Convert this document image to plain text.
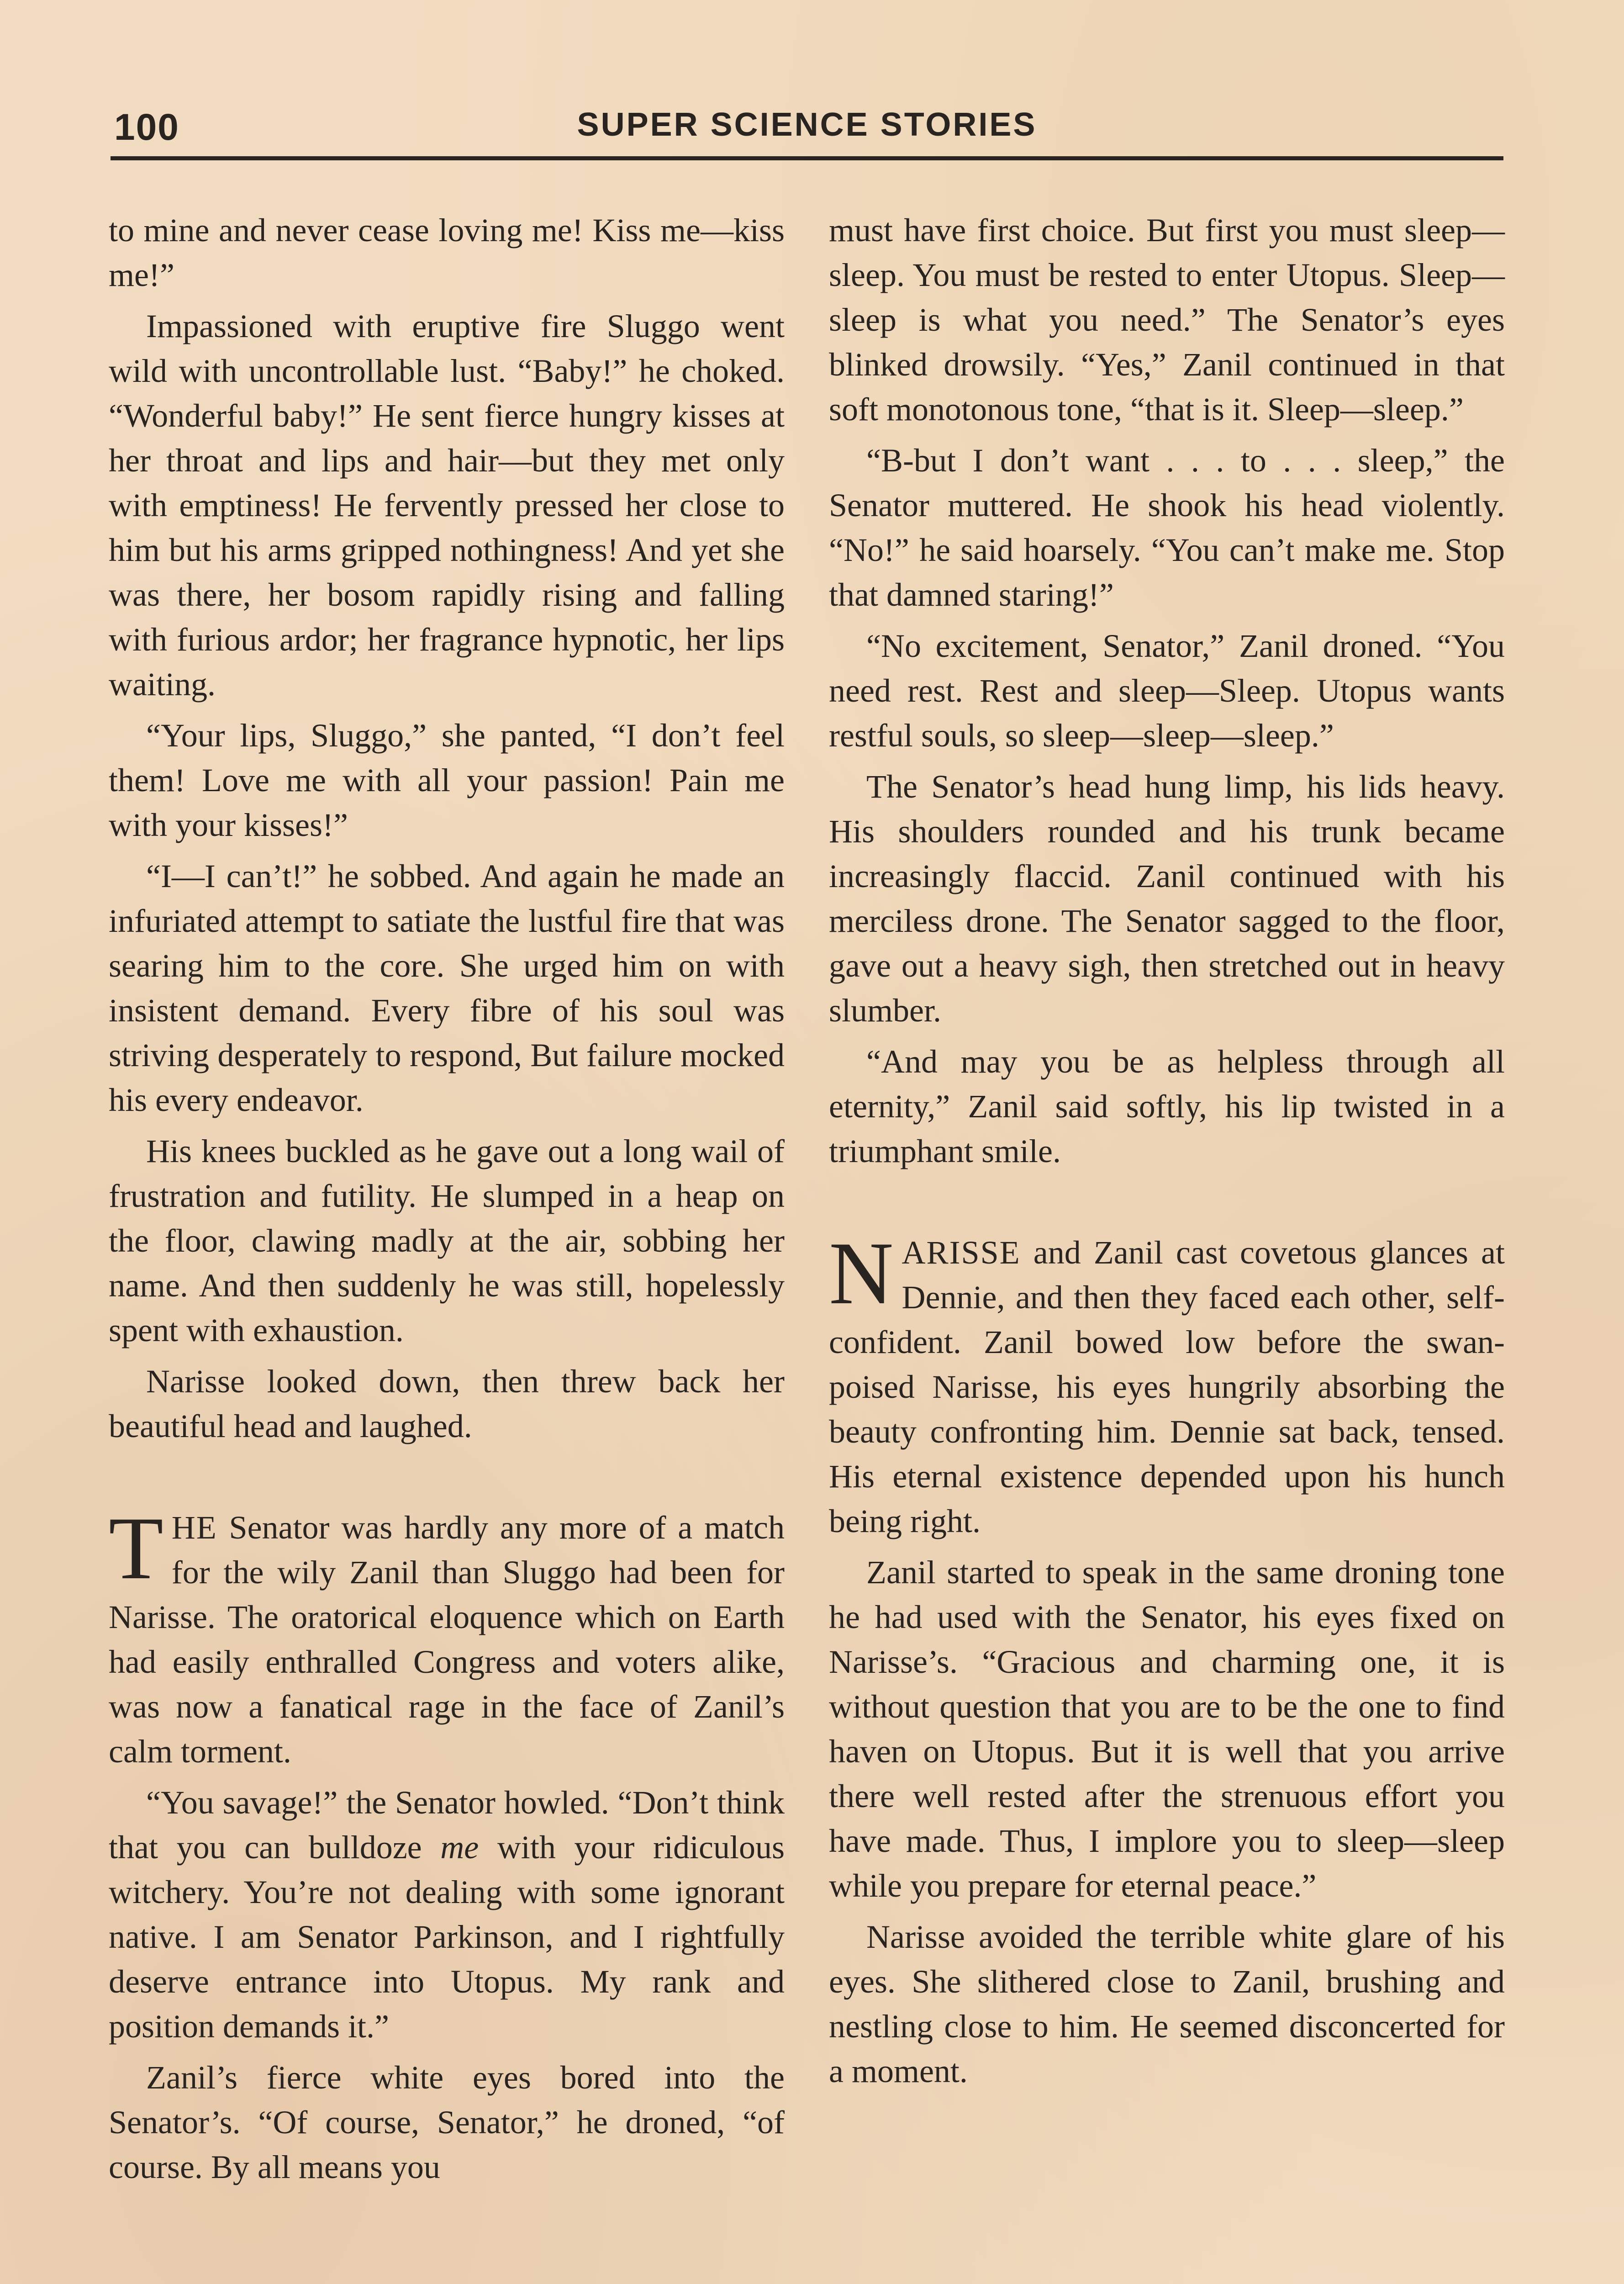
100	SUPER SCIENCE STORIES

to mine and never cease loving me! Kiss me—kiss me!”

Impassioned with eruptive fire Sluggo went wild with uncontrollable lust. “Baby!” he choked. “Wonderful baby!” He sent fierce hungry kisses at her throat and lips and hair—but they met only with emptiness! He fervently pressed her close to him but his arms gripped nothingness! And yet she was there, her bosom rapidly rising and falling with furious ardor; her fragrance hypnotic, her lips waiting.

“Your lips, Sluggo,” she panted, “I don’t feel them! Love me with all your passion! Pain me with your kisses!”

“I—I can’t!” he sobbed. And again he made an infuriated attempt to satiate the lustful fire that was searing him to the core. She urged him on with insistent demand. Every fibre of his soul was striving desperately to respond, But failure mocked his every endeavor.

His knees buckled as he gave out a long wail of frustration and futility. He slumped in a heap on the floor, clawing madly at the air, sobbing her name. And then suddenly he was still, hopelessly spent with exhaustion.

Narisse looked down, then threw back her beautiful head and laughed.

THE Senator was hardly any more of a match for the wily Zanil than Sluggo had been for Narisse. The oratorical eloquence which on Earth had easily enthralled Congress and voters alike, was now a fanatical rage in the face of Zanil’s calm torment.

“You savage!” the Senator howled. “Don’t think that you can bulldoze me with your ridiculous witchery. You’re not dealing with some ignorant native. I am Senator Parkinson, and I rightfully deserve entrance into Utopus. My rank and position demands it.”

Zanil’s fierce white eyes bored into the Senator’s. “Of course, Senator,” he droned, “of course. By all means you

must have first choice. But first you must sleep—sleep. You must be rested to enter Utopus. Sleep—sleep is what you need.” The Senator’s eyes blinked drowsily. “Yes,” Zanil continued in that soft monotonous tone, “that is it. Sleep—sleep.”

“B-but I don’t want . . . to . . . sleep,” the Senator muttered. He shook his head violently. “No!” he said hoarsely. “You can’t make me. Stop that damned staring!”

“No excitement, Senator,” Zanil droned. “You need rest. Rest and sleep—Sleep. Utopus wants restful souls, so sleep—sleep—sleep.”

The Senator’s head hung limp, his lids heavy. His shoulders rounded and his trunk became increasingly flaccid. Zanil continued with his merciless drone. The Senator sagged to the floor, gave out a heavy sigh, then stretched out in heavy slumber.

“And may you be as helpless through all eternity,” Zanil said softly, his lip twisted in a triumphant smile.

NARISSE and Zanil cast covetous glances at Dennie, and then they faced each other, self-confident. Zanil bowed low before the swan-poised Narisse, his eyes hungrily absorbing the beauty confronting him. Dennie sat back, tensed. His eternal existence depended upon his hunch being right.

Zanil started to speak in the same droning tone he had used with the Senator, his eyes fixed on Narisse’s. “Gracious and charming one, it is without question that you are to be the one to find haven on Utopus. But it is well that you arrive there well rested after the strenuous effort you have made. Thus, I implore you to sleep—sleep while you prepare for eternal peace.”

Narisse avoided the terrible white glare of his eyes. She slithered close to Zanil, brushing and nestling close to him. He seemed disconcerted for a moment.
